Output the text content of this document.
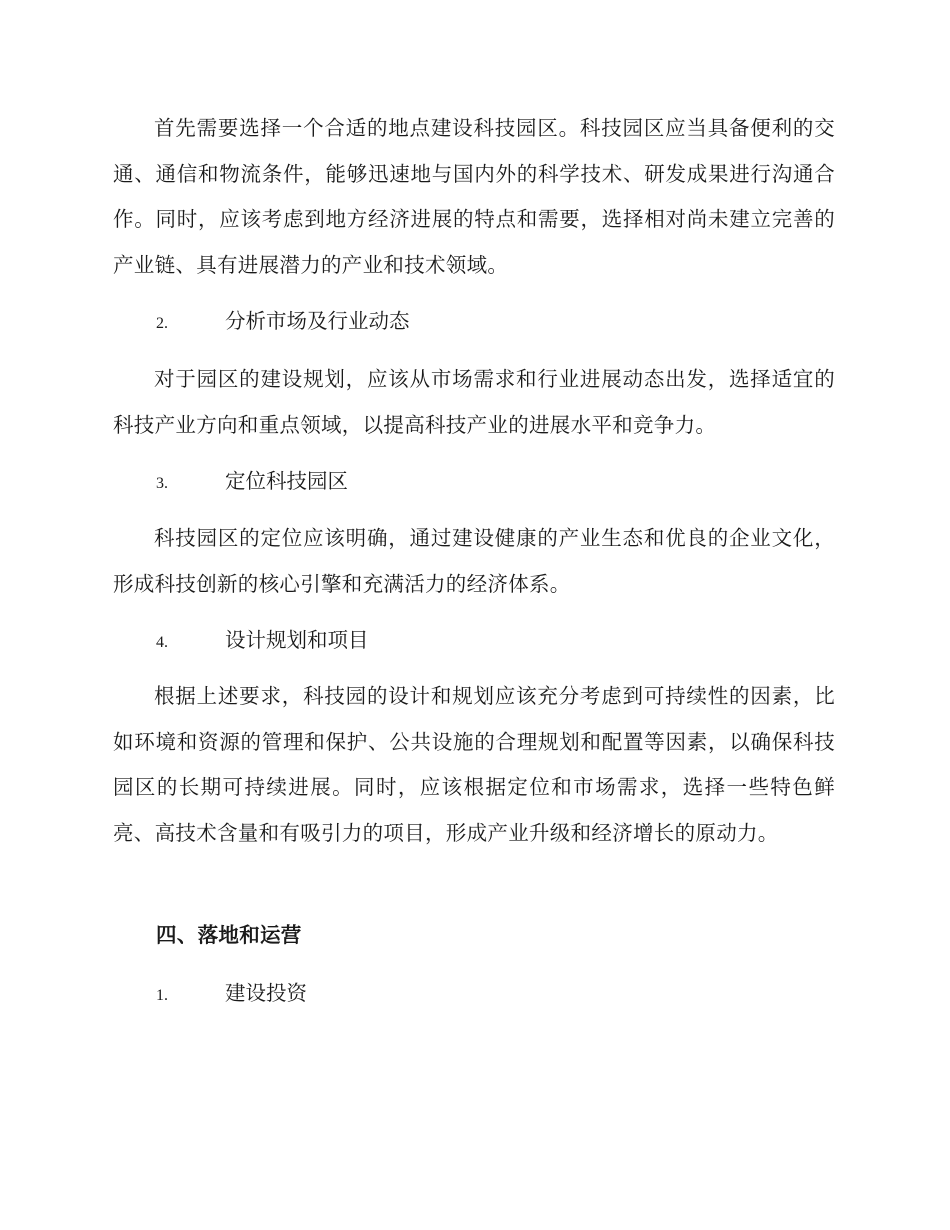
首先需要选择一个合适的地点建设科技园区。科技园区应当具备便利的交通、通信和物流条件，能够迅速地与国内外的科学技术、研发成果进行沟通合作。同时，应该考虑到地方经济进展的特点和需要，选择相对尚未建立完善的产业链、具有进展潜力的产业和技术领域。

2.	分析市场及行业动态

对于园区的建设规划，应该从市场需求和行业进展动态出发，选择适宜的科技产业方向和重点领域，以提高科技产业的进展水平和竞争力。

3.	定位科技园区

科技园区的定位应该明确，通过建设健康的产业生态和优良的企业文化，形成科技创新的核心引擎和充满活力的经济体系。

4.	设计规划和项目

根据上述要求，科技园的设计和规划应该充分考虑到可持续性的因素，比如环境和资源的管理和保护、公共设施的合理规划和配置等因素，以确保科技园区的长期可持续进展。同时，应该根据定位和市场需求，选择一些特色鲜亮、高技术含量和有吸引力的项目，形成产业升级和经济增长的原动力。

四、落地和运营
1.	建设投资
